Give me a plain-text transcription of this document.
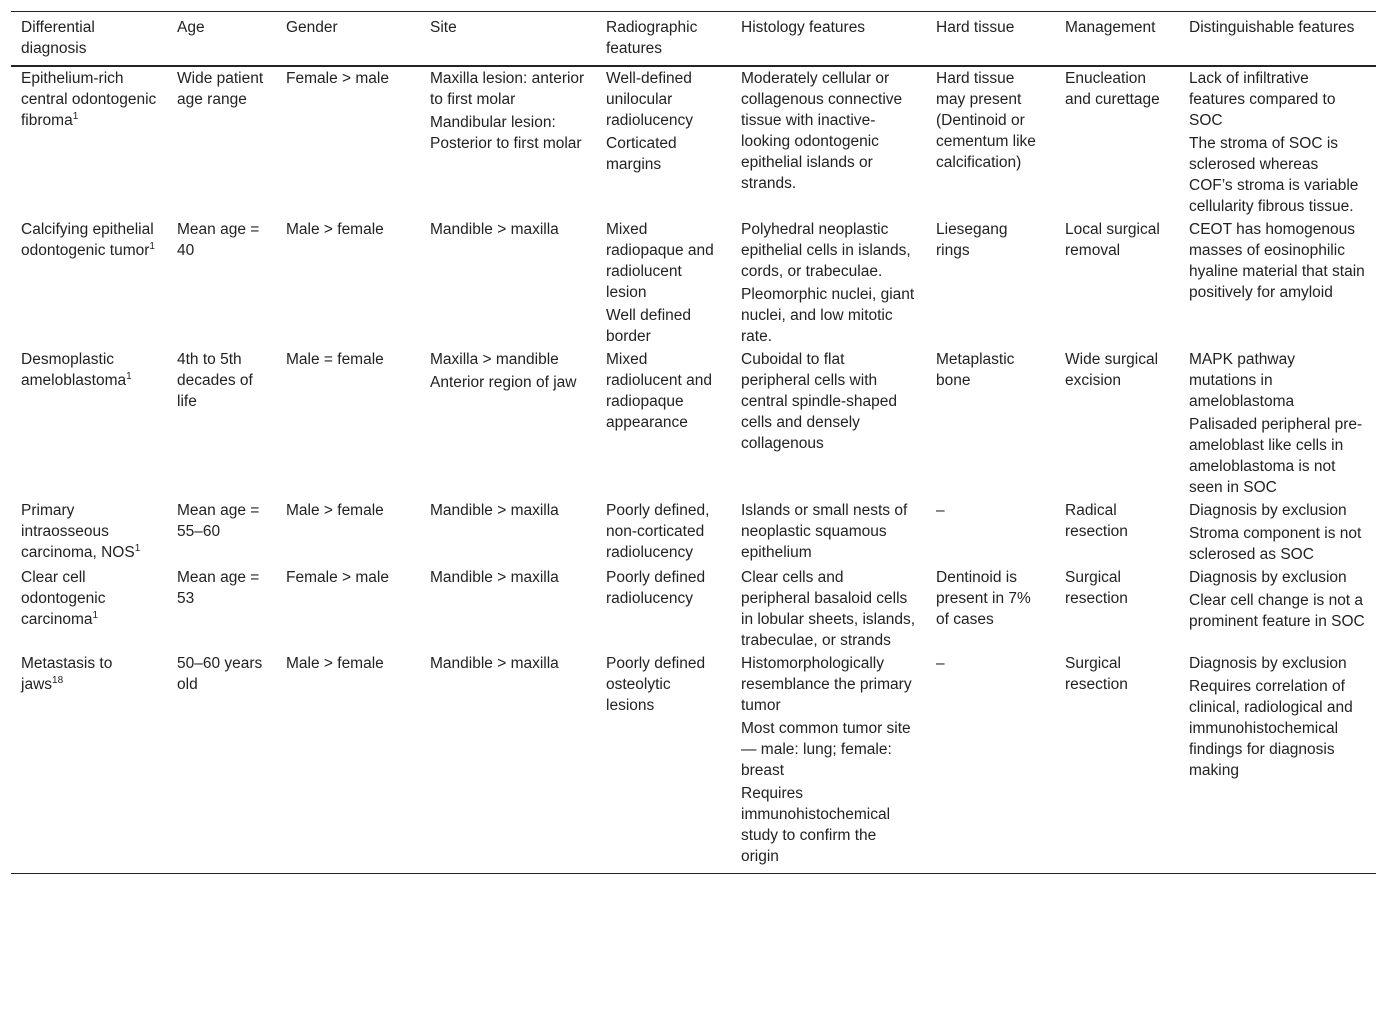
Differential diagnosis	Age	Gender	Site	Radiographic features	Histology features	Hard tissue	Management	Distinguishable features
Epithelium-rich central odontogenic fibroma$^1$	Wide patient age range	Female > male	Maxilla lesion: anterior to first molar
Mandibular lesion: Posterior to first molar	Well-defined unilocular radiolucency
Corticated margins	Moderately cellular or collagenous connective tissue with inactive-looking odontogenic epithelial islands or strands.	Hard tissue may present (Dentinoid or cementum like calcification)	Enucleation and curettage	Lack of infiltrative features compared to SOC
The stroma of SOC is sclerosed whereas COF’s stroma is variable cellularity fibrous tissue.

Calcifying epithelial odontogenic tumor$^1$	Mean age = 40	Male > female	Mandible > maxilla	Mixed radiopaque and radiolucent lesion
Well defined border	Polyhedral neoplastic epithelial cells in islands, cords, or trabeculae.
Pleomorphic nuclei, giant nuclei, and low mitotic rate.	Liesegang rings	Local surgical removal	CEOT has homogenous masses of eosinophilic hyaline material that stain positively for amyloid

Desmoplastic ameloblastoma$^1$	4th to 5th decades of life	Male = female	Maxilla > mandible
Anterior region of jaw	Mixed radiolucent and radiopaque appearance	Cuboidal to flat peripheral cells with central spindle-shaped cells and densely collagenous	Metaplastic bone	Wide surgical excision	MAPK pathway mutations in ameloblastoma
Palisaded peripheral pre-ameloblast like cells in ameloblastoma is not seen in SOC

Primary intraosseous carcinoma, NOS$^1$	Mean age = 55–60	Male > female	Mandible > maxilla	Poorly defined, non-corticated radiolucency	Islands or small nests of neoplastic squamous epithelium	–	Radical resection	Diagnosis by exclusion
Stroma component is not sclerosed as SOC

Clear cell odontogenic carcinoma$^1$	Mean age = 53	Female > male	Mandible > maxilla	Poorly defined radiolucency	Clear cells and peripheral basaloid cells in lobular sheets, islands, trabeculae, or strands	Dentinoid is present in 7% of cases	Surgical resection	Diagnosis by exclusion
Clear cell change is not a prominent feature in SOC

Metastasis to jaws$^{18}$	50–60 years old	Male > female	Mandible > maxilla	Poorly defined osteolytic lesions	Histomorphologically resemblance the primary tumor
Most common tumor site — male: lung; female: breast
Requires immunohistochemical study to confirm the origin	–	Surgical resection	Diagnosis by exclusion
Requires correlation of clinical, radiological and immunohistochemical findings for diagnosis making
